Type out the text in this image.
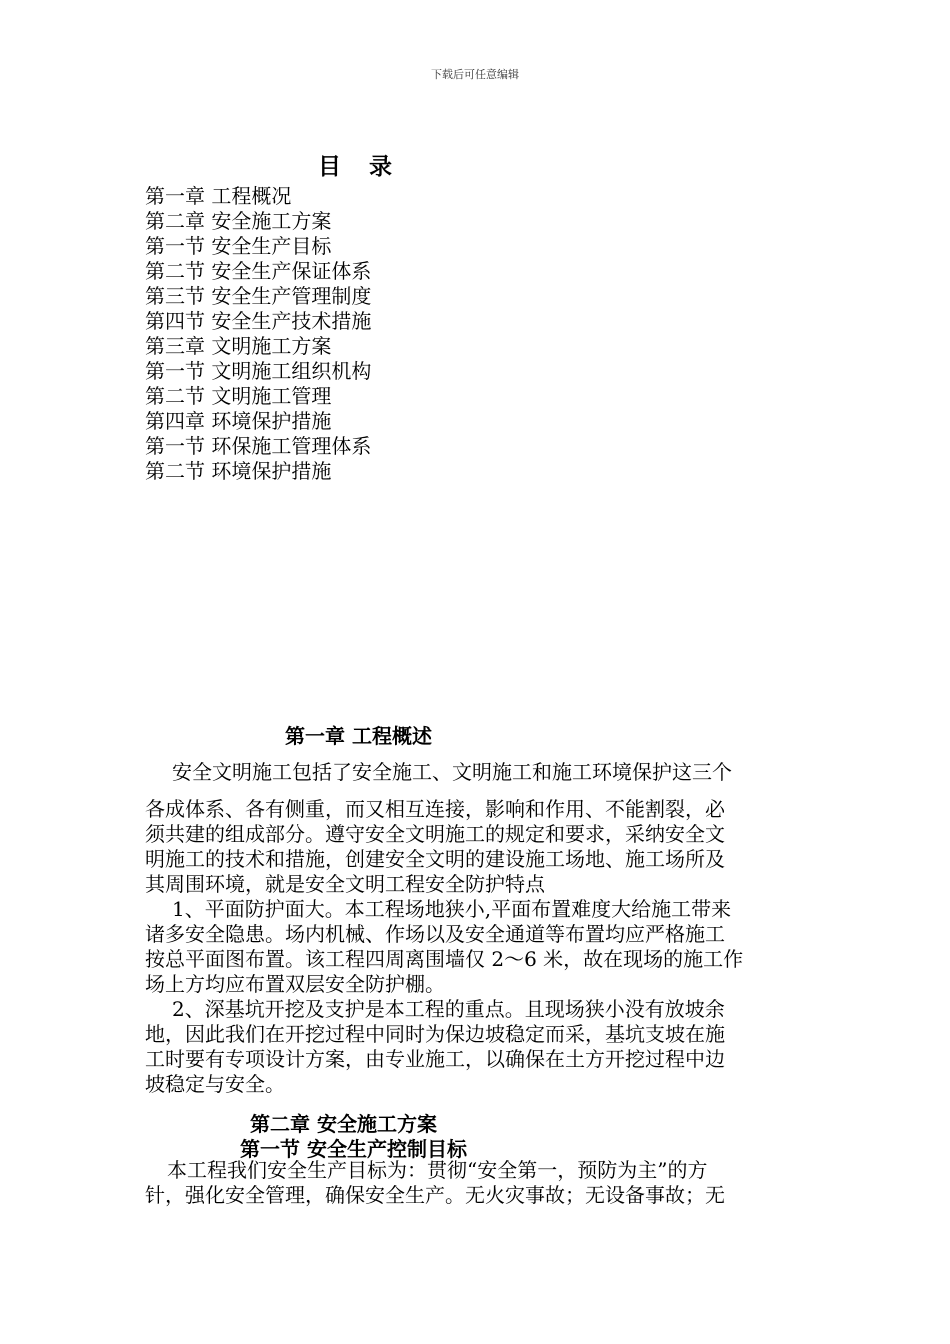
下载后可任意编辑
目 录
第一章 工程概况
第二章 安全施工方案
第一节 安全生产目标
第二节 安全生产保证体系
第三节 安全生产管理制度
第四节 安全生产技术措施
第三章 文明施工方案
第一节 文明施工组织机构
第二节 文明施工管理
第四章 环境保护措施
第一节 环保施工管理体系
第二节 环境保护措施
第一章 工程概述
安全文明施工包括了安全施工、文明施工和施工环境保护这三个
各成体系、各有侧重，而又相互连接，影响和作用、不能割裂，必
须共建的组成部分。遵守安全文明施工的规定和要求，采纳安全文
明施工的技术和措施，创建安全文明的建设施工场地、施工场所及
其周围环境，就是安全文明工程安全防护特点
1、平面防护面大。本工程场地狭小,平面布置难度大给施工带来
诸多安全隐患。场内机械、作场以及安全通道等布置均应严格施工
按总平面图布置。该工程四周离围墙仅 2～6 米，故在现场的施工作
场上方均应布置双层安全防护棚。
2、深基坑开挖及支护是本工程的重点。且现场狭小没有放坡余
地，因此我们在开挖过程中同时为保边坡稳定而采，基坑支坡在施
工时要有专项设计方案，由专业施工，以确保在土方开挖过程中边
坡稳定与安全。
第二章 安全施工方案
第一节 安全生产控制目标
本工程我们安全生产目标为：贯彻“安全第一，预防为主”的方
针，强化安全管理，确保安全生产。无火灾事故；无设备事故；无
